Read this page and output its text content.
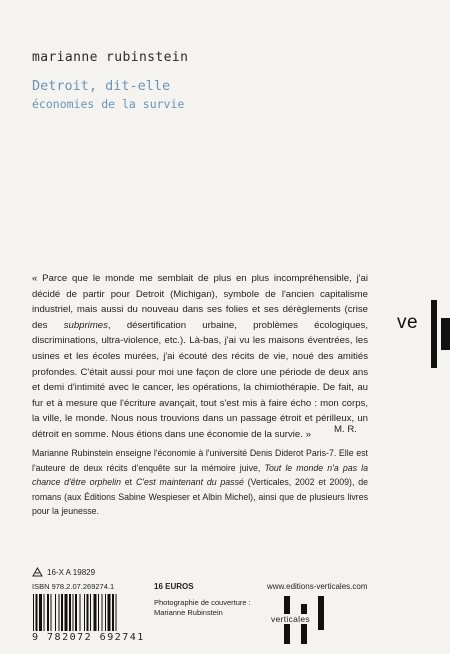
marianne rubinstein
Detroit, dit-elle
économies de la survie

« Parce que le monde me semblait de plus en plus incompréhensible, j'ai décidé de partir pour Detroit (Michigan), symbole de l'ancien capitalisme industriel, mais aussi du nouveau dans ses folies et ses dérèglements (crise des subprimes, désertification urbaine, problèmes écologiques, discriminations, ultra-violence, etc.). Là-bas, j'ai vu les maisons éventrées, les usines et les écoles murées, j'ai écouté des récits de vie, noué des amitiés profondes. C'était aussi pour moi une façon de clore une période de deux ans et demi d'intimité avec le cancer, les opérations, la chimiothérapie. De fait, au fur et à mesure que l'écriture avançait, tout s'est mis à faire écho : mon corps, la ville, le monde. Nous nous trouvions dans un passage étroit et périlleux, un détroit en somme. Nous étions dans une économie de la survie. »	M. R.

Marianne Rubinstein enseigne l'économie à l'université Denis Diderot Paris-7. Elle est l'auteure de deux récits d'enquête sur la mémoire juive, Tout le monde n'a pas la chance d'être orphelin et C'est maintenant du passé (Verticales, 2002 et 2009), de romans (aux Éditions Sabine Wespieser et Albin Michel), ainsi que de plusieurs livres pour la jeunesse.

ve
16-X A 19829
ISBN 978.2.07.269274.1	16 EUROS
Photographie de couverture :
Marianne Rubinstein
www.editions-verticales.com
9 782072 692741
verticales
